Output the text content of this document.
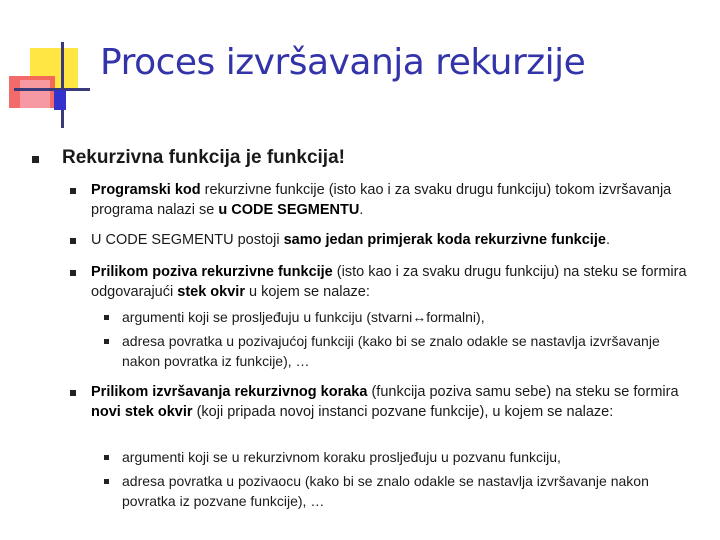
Proces izvršavanja rekurzije
Rekurzivna funkcija je funkcija!
Programski kod rekurzivne funkcije (isto kao i za svaku drugu funkciju) tokom izvršavanja programa nalazi se u CODE SEGMENTU.
U CODE SEGMENTU postoji samo jedan primjerak koda rekurzivne funkcije.
Prilikom poziva rekurzivne funkcije (isto kao i za svaku drugu funkciju) na steku se formira odgovarajući stek okvir u kojem se nalaze:
argumenti koji se prosljeđuju u funkciju (stvarni↔formalni),
adresa povratka u pozivajućoj funkciji (kako bi se znalo odakle se nastavlja izvršavanje nakon povratka iz funkcije), …
Prilikom izvršavanja rekurzivnog koraka (funkcija poziva samu sebe) na steku se formira novi stek okvir (koji pripada novoj instanci pozvane funkcije), u kojem se nalaze:
argumenti koji se u rekurzivnom koraku prosljeđuju u pozvanu funkciju,
adresa povratka u pozivaocu (kako bi se znalo odakle se nastavlja izvršavanje nakon povratka iz pozvane funkcije), …
